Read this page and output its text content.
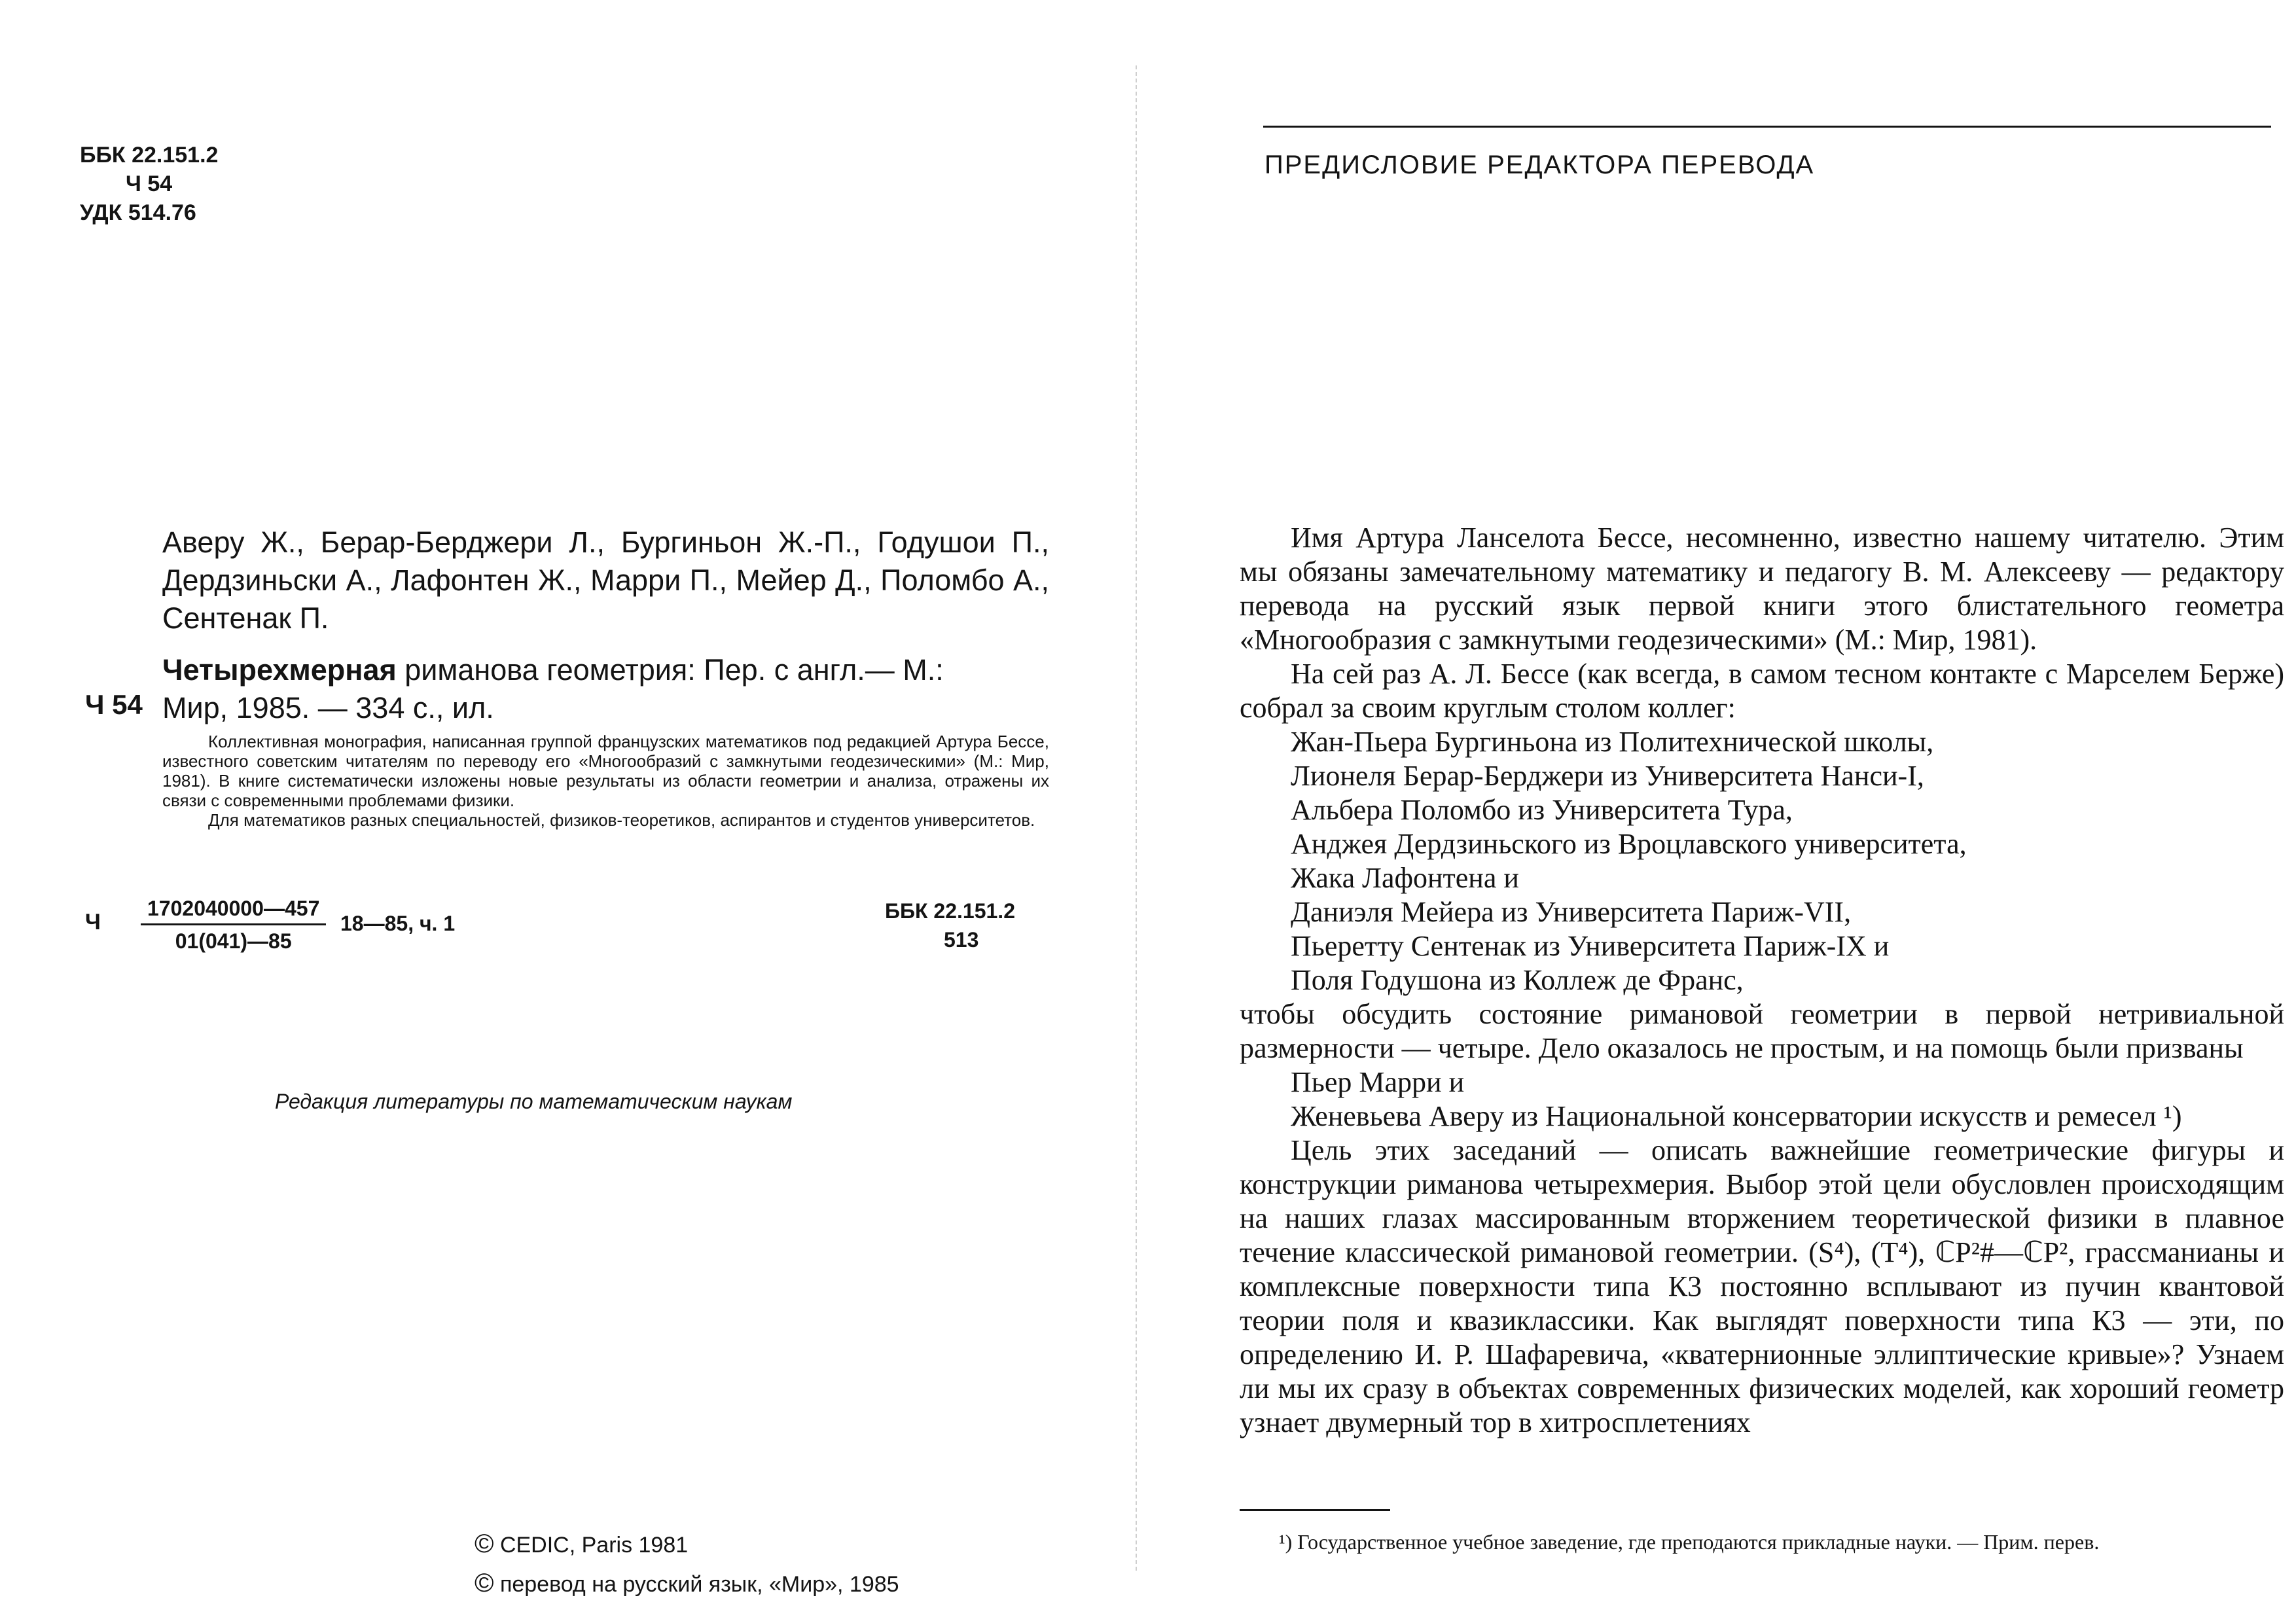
ББК 22.151.2
Ч 54
УДК 514.76
Аверу Ж., Берар-Берджери Л., Бургиньон Ж.-П., Годушои П., Дердзиньски А., Лафонтен Ж., Марри П., Мейер Д., Поломбо А., Сентенак П.
Четырехмерная риманова геометрия: Пер. с англ.— М.:
Мир, 1985. — 334 с., ил.
Ч 54

Коллективная монография, написанная группой французских математиков под редакцией Артура Бессе, известного советским читателям по переводу его «Многообразий с замкнутыми геодезическими» (М.: Мир, 1981). В книге систематически изложены новые результаты из области геометрии и анализа, отражены их связи с современными проблемами физики.

Для математиков разных специальностей, физиков-теоретиков, аспирантов и студентов университетов.

Ч $\frac{1702040000—457}{01(041)—85}$ 18—85, ч. 1
ББК 22.151.2
513
Редакция литературы по математическим наукам
© CEDIC, Paris 1981
© перевод на русский язык, «Мир», 1985
ПРЕДИСЛОВИЕ РЕДАКТОРА ПЕРЕВОДА

Имя Артура Ланселота Бессе, несомненно, известно нашему читателю. Этим мы обязаны замечательному математику и педагогу В. М. Алексееву — редактору перевода на русский язык первой книги этого блистательного геометра «Многообразия с замкнутыми геодезическими» (М.: Мир, 1981).

На сей раз А. Л. Бессе (как всегда, в самом тесном контакте с Марселем Берже) собрал за своим круглым столом коллег:

Жан-Пьера Бургиньона из Политехнической школы,

Лионеля Берар-Берджери из Университета Нанси-I,

Альбера Поломбо из Университета Тура,

Анджея Дердзиньского из Вроцлавского университета,

Жака Лафонтена и

Даниэля Мейера из Университета Париж-VII,

Пьеретту Сентенак из Университета Париж-IX и

Поля Годушона из Коллеж де Франс,

чтобы обсудить состояние римановой геометрии в первой нетривиальной размерности — четыре. Дело оказалось не простым, и на помощь были призваны

Пьер Марри и

Женевьева Аверу из Национальной консерватории искусств и ремесел ¹)

Цель этих заседаний — описать важнейшие геометрические фигуры и конструкции риманова четырехмерия. Выбор этой цели обусловлен происходящим на наших глазах массированным вторжением теоретической физики в плавное течение классической римановой геометрии. (S⁴), (T⁴), ℂP²#—ℂP², грассманианы и комплексные поверхности типа К3 постоянно всплывают из пучин квантовой теории поля и квазиклассики. Как выглядят поверхности типа К3 — эти, по определению И. Р. Шафаревича, «кватернионные эллиптические кривые»? Узнаем ли мы их сразу в объектах современных физических моделей, как хороший геометр узнает двумерный тор в хитросплетениях

¹) Государственное учебное заведение, где преподаются прикладные науки. — Прим. перев.
